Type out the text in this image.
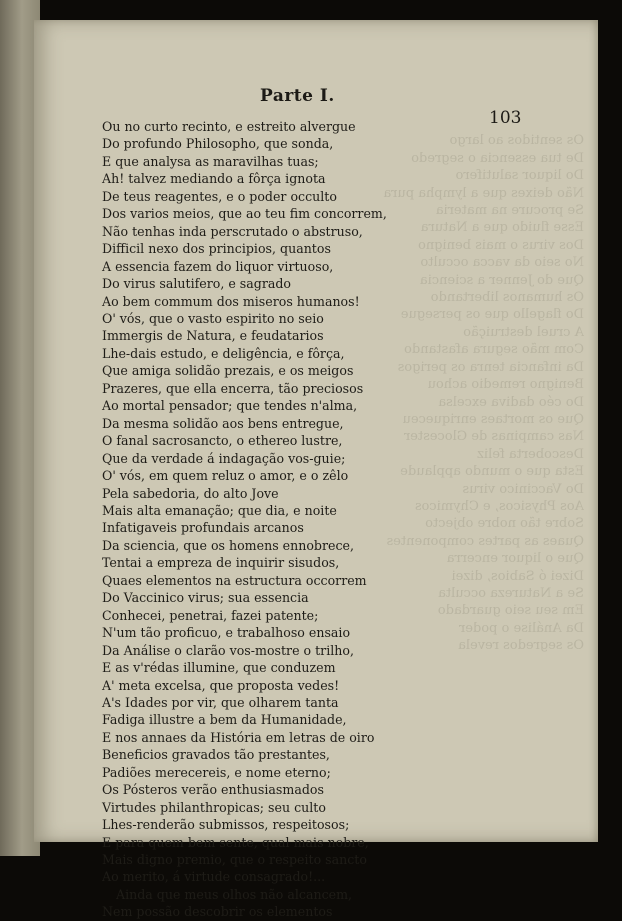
Os sentidos ao largo
De tua essencia o segredo
Do liquor salutifero
Não deixes que a lympha pura
Se procure na materia
Esse fluido que a Natura
Dos virus o mais benigno
No seio da vacca occulto
Que do Jenner a sciencia
Os humanos libertando
Do flagello que os persegue
A cruel destruição
Com mão segura afastando
Da infancia tenra os perigos
Benigno remedio achou
Do céo dadiva excelsa
Que os mortaes enriqueceu
Nas campinas de Glocester
Descoberta feliz
Esta que o mundo applaude
Do Vaccinico virus
Aos Physicos, e Chymicos
Sobre tão nobre objecto
Quaes as partes componentes
Que o liquor encerra
Dizei ó Sabios, dizei
Se a Natureza occulta
Em seu seio guardado
Da Análise o poder
Os segredos revela

Parte I.
103
Ou no curto recinto, e estreito alvergue
Do profundo Philosopho, que sonda,
E que analysa as maravilhas tuas;
Ah! talvez mediando a fôrça ignota
De teus reagentes, e o poder occulto
Dos varios meios, que ao teu fim concorrem,
Não tenhas inda perscrutado o abstruso,
Difficil nexo dos principios, quantos
A essencia fazem do liquor virtuoso,
Do virus salutifero, e sagrado
Ao bem commum dos miseros humanos!
O' vós, que o vasto espirito no seio
Immergis de Natura, e feudatarios
Lhe-dais estudo, e deligência, e fôrça,
Que amiga solidão prezais, e os meigos
Prazeres, que ella encerra, tão preciosos
Ao mortal pensador; que tendes n'alma,
Da mesma solidão aos bens entregue,
O fanal sacrosancto, o ethereo lustre,
Que da verdade á indagação vos-guie;
O' vós, em quem reluz o amor, e o zêlo
Pela sabedoria, do alto Jove
Mais alta emanação; que dia, e noite
Infatigaveis profundais arcanos
Da sciencia, que os homens ennobrece,
Tentai a empreza de inquirir sisudos,
Quaes elementos na estructura occorrem
Do Vaccinico virus; sua essencia
Conhecei, penetrai, fazei patente;
N'um tão proficuo, e trabalhoso ensaio
Da Análise o clarão vos-mostre o trilho,
E as v'rédas illumine, que conduzem
A' meta excelsa, que proposta vedes!
A's Idades por vir, que olharem tanta
Fadiga illustre a bem da Humanidade,
E nos annaes da História em letras de oiro
Beneficios gravados tão prestantes,
Padiões merecereis, e nome eterno;
Os Pósteros verão enthusiasmados
Virtudes philanthropicas; seu culto
Lhes-renderão submissos, respeitosos;
E para quem bem sente, qual mais nobre,
Mais digno premio, que o respeito sancto
Ao merito, á virtude consagrado!...
Ainda que meus olhos não alcancem,
Nem possão descobrir os elementos
